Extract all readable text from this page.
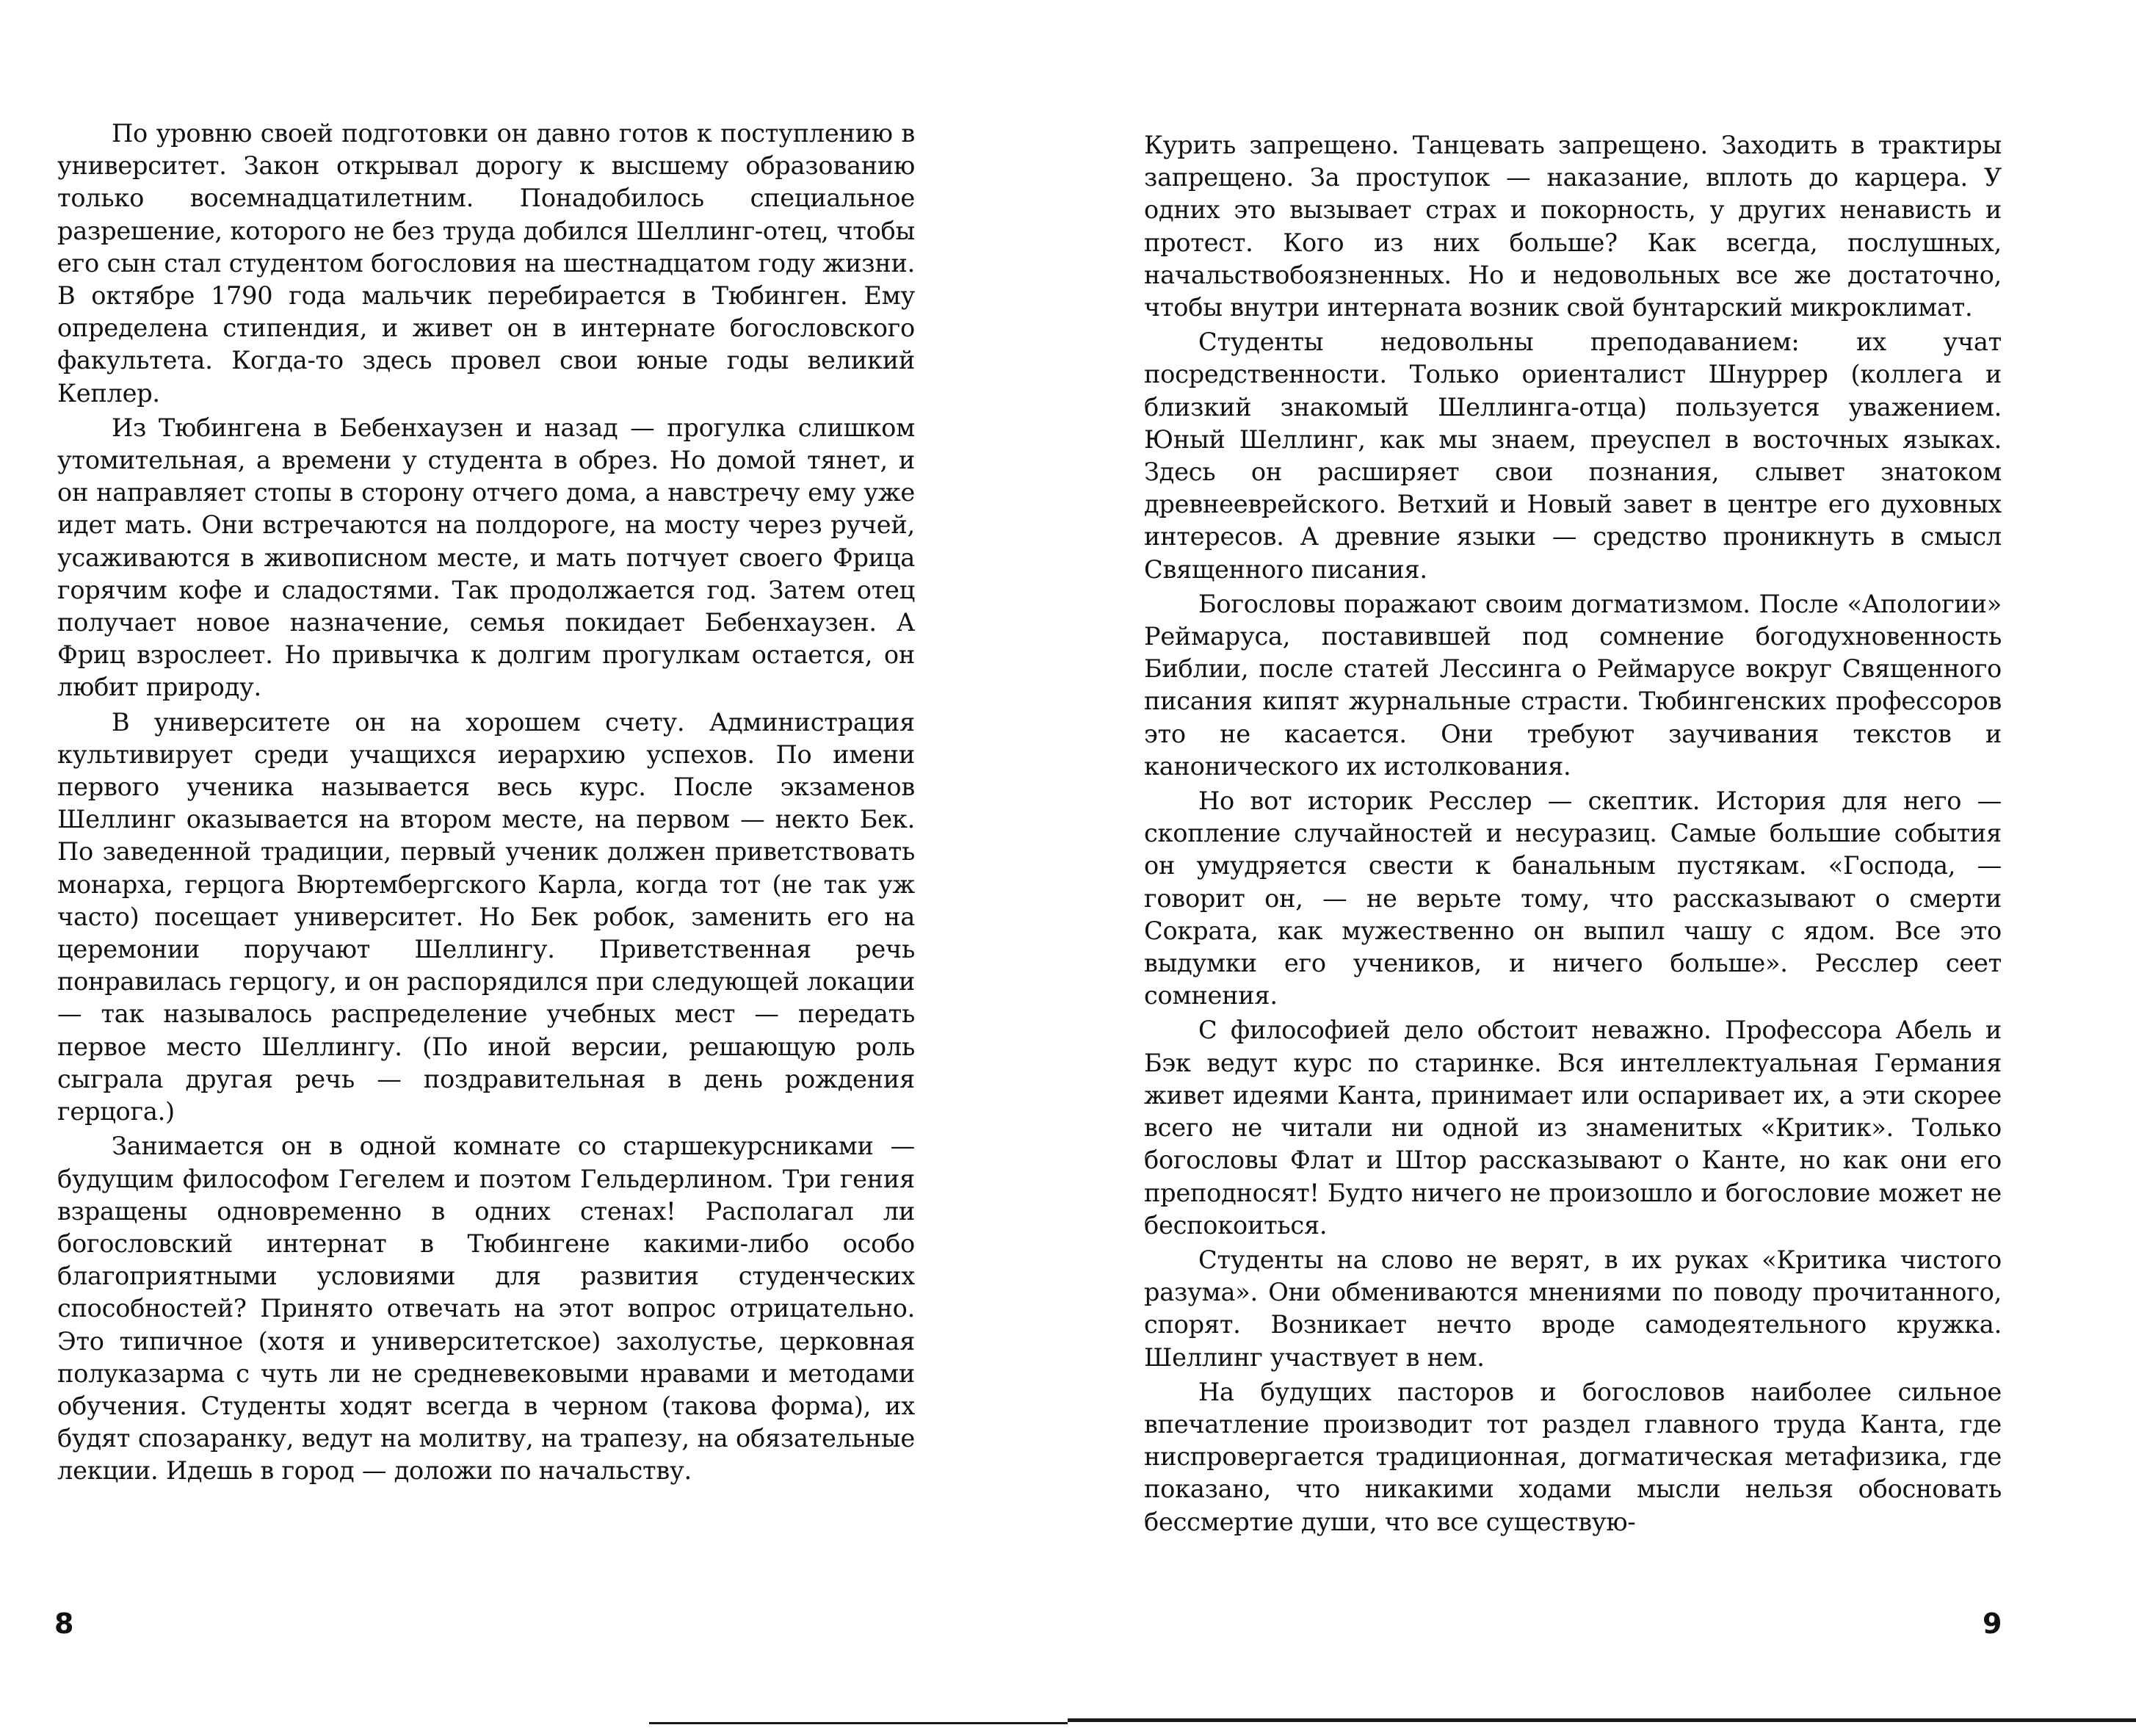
По уровню своей подготовки он давно готов к поступлению в университет. Закон открывал дорогу к высшему образованию только восемнадцатилетним. Понадобилось специальное разрешение, которого не без труда добился Шеллинг-отец, чтобы его сын стал студентом богословия на шестнадцатом году жизни. В октябре 1790 года мальчик перебирается в Тюбинген. Ему определена стипендия, и живет он в интернате богословского факультета. Когда-то здесь провел свои юные годы великий Кеплер.

Из Тюбингена в Бебенхаузен и назад — прогулка слишком утомительная, а времени у студента в обрез. Но домой тянет, и он направляет стопы в сторону отчего дома, а навстречу ему уже идет мать. Они встречаются на полдороге, на мосту через ручей, усаживаются в живописном месте, и мать потчует своего Фрица горячим кофе и сладостями. Так продолжается год. Затем отец получает новое назначение, семья покидает Бебенхаузен. А Фриц взрослеет. Но привычка к долгим прогулкам остается, он любит природу.

В университете он на хорошем счету. Администрация культивирует среди учащихся иерархию успехов. По имени первого ученика называется весь курс. После экзаменов Шеллинг оказывается на втором месте, на первом — некто Бек. По заведенной традиции, первый ученик должен приветствовать монарха, герцога Вюртембергского Карла, когда тот (не так уж часто) посещает университет. Но Бек робок, заменить его на церемонии поручают Шеллингу. Приветственная речь понравилась герцогу, и он распорядился при следующей локации — так называлось распределение учебных мест — передать первое место Шеллингу. (По иной версии, решающую роль сыграла другая речь — поздравительная в день рождения герцога.)

Занимается он в одной комнате со старшекурсниками — будущим философом Гегелем и поэтом Гельдерлином. Три гения взращены одновременно в одних стенах! Располагал ли богословский интернат в Тюбингене какими-либо особо благоприятными условиями для развития студенческих способностей? Принято отвечать на этот вопрос отрицательно. Это типичное (хотя и университетское) захолустье, церковная полуказарма с чуть ли не средневековыми нравами и методами обучения. Студенты ходят всегда в черном (такова форма), их будят спозаранку, ведут на молитву, на трапезу, на обязательные лекции. Идешь в город — доложи по начальству.

8

Курить запрещено. Танцевать запрещено. Заходить в трактиры запрещено. За проступок — наказание, вплоть до карцера. У одних это вызывает страх и покорность, у других ненависть и протест. Кого из них больше? Как всегда, послушных, начальствобоязненных. Но и недовольных все же достаточно, чтобы внутри интерната возник свой бунтарский микроклимат.

Студенты недовольны преподаванием: их учат посредственности. Только ориенталист Шнуррер (коллега и близкий знакомый Шеллинга-отца) пользуется уважением. Юный Шеллинг, как мы знаем, преуспел в восточных языках. Здесь он расширяет свои познания, слывет знатоком древнееврейского. Ветхий и Новый завет в центре его духовных интересов. А древние языки — средство проникнуть в смысл Священного писания.

Богословы поражают своим догматизмом. После «Апологии» Реймаруса, поставившей под сомнение богодухновенность Библии, после статей Лессинга о Реймарусе вокруг Священного писания кипят журнальные страсти. Тюбингенских профессоров это не касается. Они требуют заучивания текстов и канонического их истолкования.

Но вот историк Ресслер — скептик. История для него — скопление случайностей и несуразиц. Самые большие события он умудряется свести к банальным пустякам. «Господа, — говорит он, — не верьте тому, что рассказывают о смерти Сократа, как мужественно он выпил чашу с ядом. Все это выдумки его учеников, и ничего больше». Ресслер сеет сомнения.

С философией дело обстоит неважно. Профессора Абель и Бэк ведут курс по старинке. Вся интеллектуальная Германия живет идеями Канта, принимает или оспаривает их, а эти скорее всего не читали ни одной из знаменитых «Критик». Только богословы Флат и Штор рассказывают о Канте, но как они его преподносят! Будто ничего не произошло и богословие может не беспокоиться.

Студенты на слово не верят, в их руках «Критика чистого разума». Они обмениваются мнениями по поводу прочитанного, спорят. Возникает нечто вроде самодеятельного кружка. Шеллинг участвует в нем.

На будущих пасторов и богословов наиболее сильное впечатление производит тот раздел главного труда Канта, где ниспровергается традиционная, догматическая метафизика, где показано, что никакими ходами мысли нельзя обосновать бессмертие души, что все существую-

9
